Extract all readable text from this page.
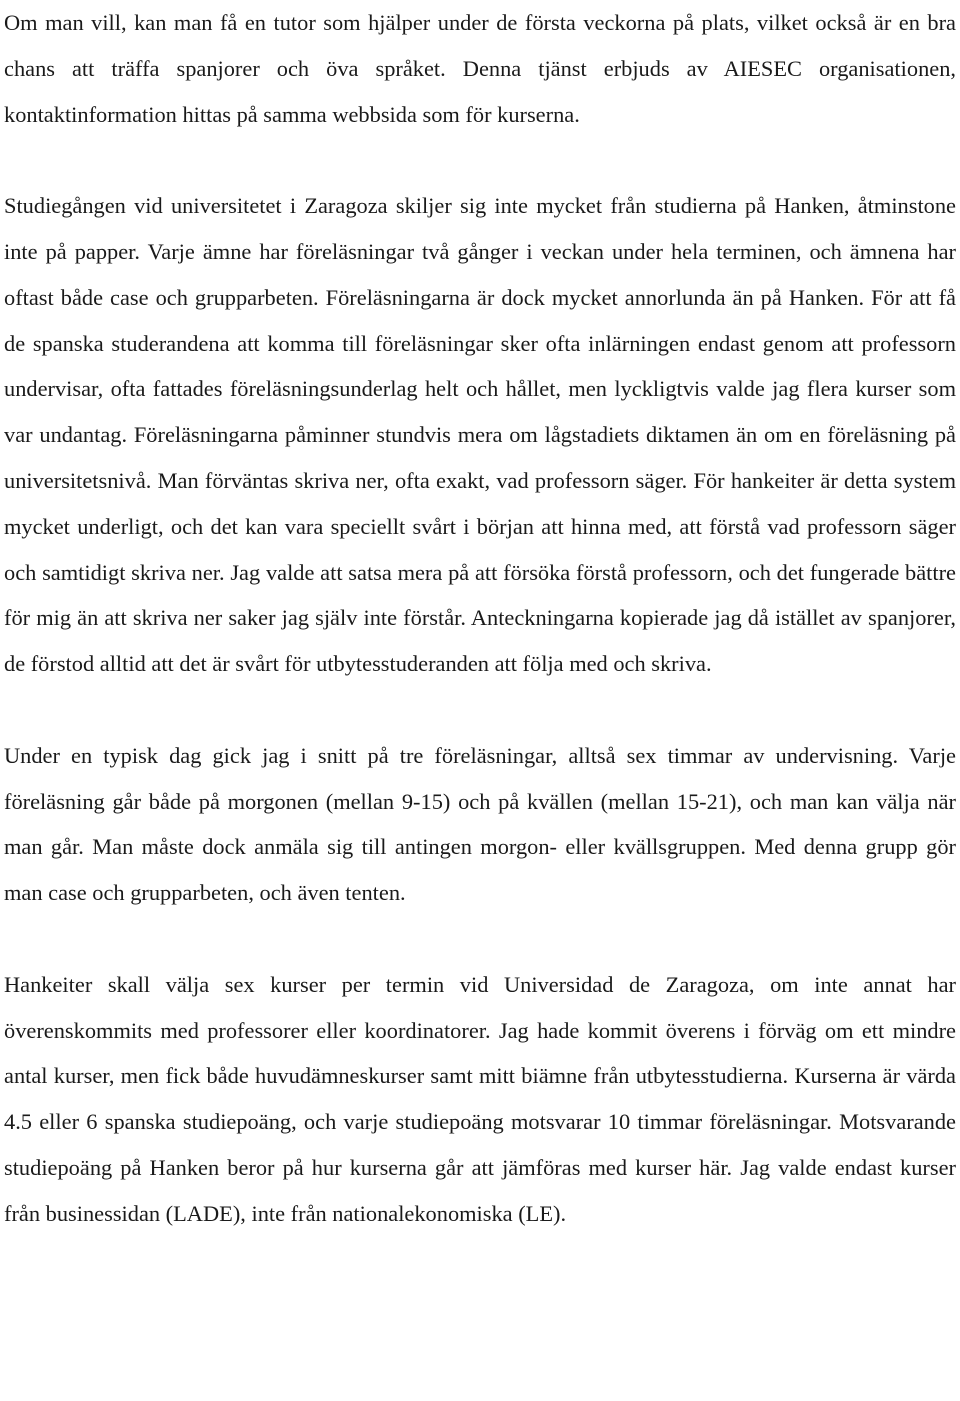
Om man vill, kan man få en tutor som hjälper under de första veckorna på plats, vilket också är en bra chans att träffa spanjorer och öva språket. Denna tjänst erbjuds av AIESEC organisationen, kontaktinformation hittas på samma webbsida som för kurserna.

Studiegången vid universitetet i Zaragoza skiljer sig inte mycket från studierna på Hanken, åtminstone inte på papper. Varje ämne har föreläsningar två gånger i veckan under hela terminen, och ämnena har oftast både case och grupparbeten. Föreläsningarna är dock mycket annorlunda än på Hanken. För att få de spanska studerandena att komma till föreläsningar sker ofta inlärningen endast genom att professorn undervisar, ofta fattades föreläsningsunderlag helt och hållet, men lyckligtvis valde jag flera kurser som var undantag. Föreläsningarna påminner stundvis mera om lågstadiets diktamen än om en föreläsning på universitetsnivå. Man förväntas skriva ner, ofta exakt, vad professorn säger. För hankeiter är detta system mycket underligt, och det kan vara speciellt svårt i början att hinna med, att förstå vad professorn säger och samtidigt skriva ner. Jag valde att satsa mera på att försöka förstå professorn, och det fungerade bättre för mig än att skriva ner saker jag själv inte förstår. Anteckningarna kopierade jag då istället av spanjorer, de förstod alltid att det är svårt för utbytesstuderanden att följa med och skriva.

Under en typisk dag gick jag i snitt på tre föreläsningar, alltså sex timmar av undervisning. Varje föreläsning går både på morgonen (mellan 9-15) och på kvällen (mellan 15-21), och man kan välja när man går. Man måste dock anmäla sig till antingen morgon- eller kvällsgruppen. Med denna grupp gör man case och grupparbeten, och även tenten.

Hankeiter skall välja sex kurser per termin vid Universidad de Zaragoza, om inte annat har överenskommits med professorer eller koordinatorer. Jag hade kommit överens i förväg om ett mindre antal kurser, men fick både huvudämneskurser samt mitt biämne från utbytesstudierna. Kurserna är värda 4.5 eller 6 spanska studiepoäng, och varje studiepoäng motsvarar 10 timmar föreläsningar. Motsvarande studiepoäng på Hanken beror på hur kurserna går att jämföras med kurser här. Jag valde endast kurser från businessidan (LADE), inte från nationalekonomiska (LE).
